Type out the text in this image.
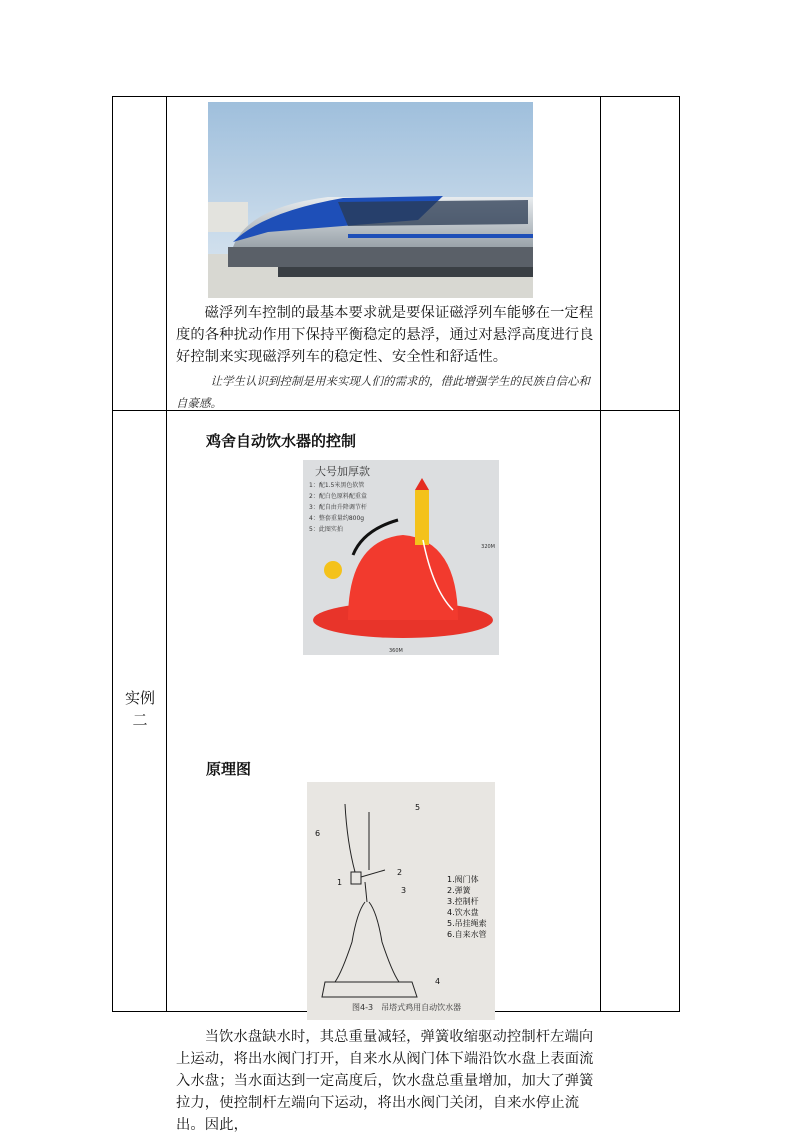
磁浮列车控制的最基本要求就是要保证磁浮列车能够在一定程度的各种扰动作用下保持平衡稳定的悬浮，通过对悬浮高度进行良好控制来实现磁浮列车的稳定性、安全性和舒适性。

让学生认识到控制是用来实现人们的需求的，借此增强学生的民族自信心和自豪感。

实例
二
鸡舍自动饮水器的控制
大号加厚款
1：配1.5米黑色软管
2：配白色原料配重盒
3：配自由升降调节杆
4：整套重量约800g
5：此图实拍
320M
360M
原理图
5
6
1
2
3
4
1.阀门体
2.弹簧
3.控制杆
4.饮水盘
5.吊挂绳索
6.自来水管
图4-3　吊塔式鸡用自动饮水器

当饮水盘缺水时，其总重量减轻，弹簧收缩驱动控制杆左端向上运动，将出水阀门打开，自来水从阀门体下端沿饮水盘上表面流入水盘；当水面达到一定高度后，饮水盘总重量增加，加大了弹簧拉力，使控制杆左端向下运动，将出水阀门关闭，自来水停止流出。因此，
